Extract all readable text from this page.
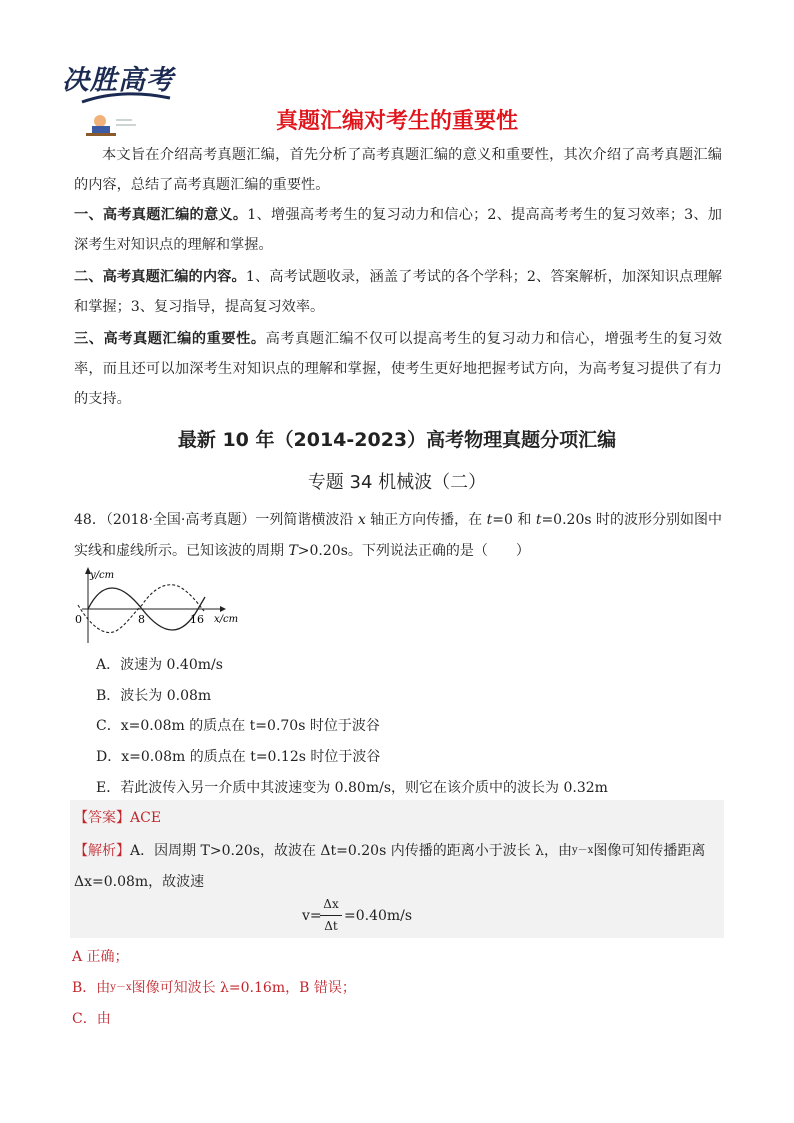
决胜高考
真题汇编对考生的重要性
本文旨在介绍高考真题汇编，首先分析了高考真题汇编的意义和重要性，其次介绍了高考真题汇编的内容，总结了高考真题汇编的重要性。
一、高考真题汇编的意义。1、增强高考考生的复习动力和信心；2、提高高考考生的复习效率；3、加深考生对知识点的理解和掌握。
二、高考真题汇编的内容。1、高考试题收录，涵盖了考试的各个学科；2、答案解析，加深知识点理解和掌握；3、复习指导，提高复习效率。
三、高考真题汇编的重要性。高考真题汇编不仅可以提高考生的复习动力和信心，增强考生的复习效率，而且还可以加深考生对知识点的理解和掌握，使考生更好地把握考试方向，为高考复习提供了有力的支持。
最新 10 年（2014-2023）高考物理真题分项汇编
专题 34 机械波（二）
48．（2018·全国·高考真题）一列简谐横波沿 x 轴正方向传播，在 t=0 和 t=0.20s 时的波形分别如图中实线和虚线所示。已知该波的周期 T>0.20s。下列说法正确的是（　　）
y/cm
0	8	16 x/cm
A．波速为 0.40m/s
B．波长为 0.08m
C．x=0.08m 的质点在 t=0.70s 时位于波谷
D．x=0.08m 的质点在 t=0.12s 时位于波谷
E．若此波传入另一介质中其波速变为 0.80m/s，则它在该介质中的波长为 0.32m
【答案】ACE
【解析】A．因周期 T>0.20s，故波在 Δt=0.20s 内传播的距离小于波长 λ，由y－x图像可知传播距离
Δx=0.08m，故波速
v=
Δx
Δt
=0.40m/s
A 正确；
B．由y－x图像可知波长 λ=0.16m，B 错误；
C．由
